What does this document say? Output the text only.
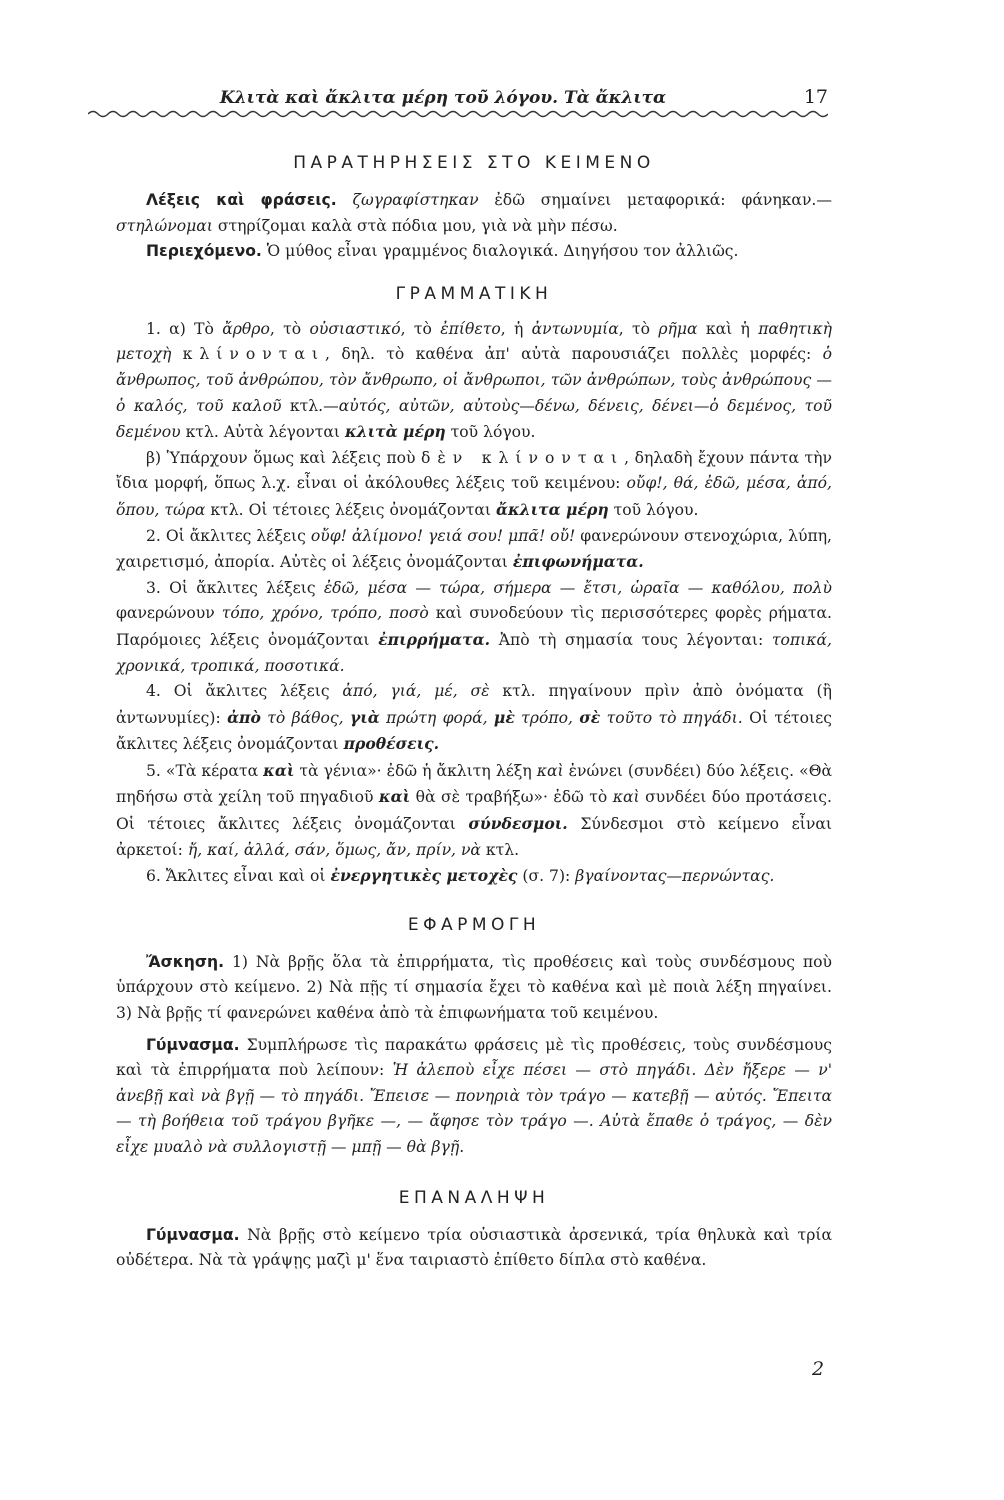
Κλιτὰ καὶ ἄκλιτα μέρη τοῦ λόγου. Τὰ ἄκλιτα	17
ΠΑΡΑΤΗΡΗΣΕΙΣ ΣΤΟ ΚΕΙΜΕΝΟ

Λέξεις καὶ φράσεις. ζωγραφίστηκαν ἐδῶ σημαίνει μεταφορικά: φάνηκαν.—στηλώνομαι στηρίζομαι καλὰ στὰ πόδια μου, γιὰ νὰ μὴν πέσω.

Περιεχόμενο. Ὁ μύθος εἶναι γραμμένος διαλογικά. Διηγήσου τον ἀλλιῶς.

ΓΡΑΜΜΑΤΙΚΗ

1. α) Τὸ ἄρθρο, τὸ οὐσιαστικό, τὸ ἐπίθετο, ἡ ἀντωνυμία, τὸ ρῆμα καὶ ἡ παθητικὴ μετοχὴ κλίνονται, δηλ. τὸ καθένα ἀπ' αὐτὰ παρουσιάζει πολλὲς μορφές: ὁ ἄνθρωπος, τοῦ ἀνθρώπου, τὸν ἄνθρωπο, οἱ ἄνθρωποι, τῶν ἀνθρώπων, τοὺς ἀνθρώπους — ὁ καλός, τοῦ καλοῦ κτλ.—αὐτός, αὐτῶν, αὐτοὺς—δένω, δένεις, δένει—ὁ δεμένος, τοῦ δεμένου κτλ. Αὐτὰ λέγονται κλιτὰ μέρη τοῦ λόγου.

β) Ὑπάρχουν ὅμως καὶ λέξεις ποὺ δὲν κλίνονται, δηλαδὴ ἔχουν πάντα τὴν ἴδια μορφή, ὅπως λ.χ. εἶναι οἱ ἀκόλουθες λέξεις τοῦ κειμένου: οὔφ!, θά, ἐδῶ, μέσα, ἀπό, ὅπου, τώρα κτλ. Οἱ τέτοιες λέξεις ὀνομάζονται ἄκλιτα μέρη τοῦ λόγου.

2. Οἱ ἄκλιτες λέξεις οὔφ! ἀλίμονο! γειά σου! μπᾶ! οὔ! φανερώνουν στενοχώρια, λύπη, χαιρετισμό, ἀπορία. Αὐτὲς οἱ λέξεις ὀνομάζονται ἐπιφωνήματα.

3. Οἱ ἄκλιτες λέξεις ἐδῶ, μέσα — τώρα, σήμερα — ἔτσι, ὡραῖα — καθόλου, πολὺ φανερώνουν τόπο, χρόνο, τρόπο, ποσὸ καὶ συνοδεύουν τὶς περισσότερες φορὲς ρήματα. Παρόμοιες λέξεις ὀνομάζονται ἐπιρρήματα. Ἀπὸ τὴ σημασία τους λέγονται: τοπικά, χρονικά, τροπικά, ποσοτικά.

4. Οἱ ἄκλιτες λέξεις ἀπό, γιά, μέ, σὲ κτλ. πηγαίνουν πρὶν ἀπὸ ὀνόματα (ἢ ἀντωνυμίες): ἀπὸ τὸ βάθος, γιὰ πρώτη φορά, μὲ τρόπο, σὲ τοῦτο τὸ πηγάδι. Οἱ τέτοιες ἄκλιτες λέξεις ὀνομάζονται προθέσεις.

5. «Τὰ κέρατα καὶ τὰ γένια»· ἐδῶ ἡ ἄκλιτη λέξη καὶ ἑνώνει (συνδέει) δύο λέξεις. «Θὰ πηδήσω στὰ χείλη τοῦ πηγαδιοῦ καὶ θὰ σὲ τραβήξω»· ἐδῶ τὸ καὶ συνδέει δύο προτάσεις. Οἱ τέτοιες ἄκλιτες λέξεις ὀνομάζονται σύνδεσμοι. Σύνδεσμοι στὸ κείμενο εἶναι ἀρκετοί: ἤ, καί, ἀλλά, σάν, ὅμως, ἄν, πρίν, νὰ κτλ.

6. Ἄκλιτες εἶναι καὶ οἱ ἐνεργητικὲς μετοχὲς (σ. 7): βγαίνοντας—περνώντας.

ΕΦΑΡΜΟΓΗ

Ἄσκηση. 1) Νὰ βρῇς ὅλα τὰ ἐπιρρήματα, τὶς προθέσεις καὶ τοὺς συνδέσμους ποὺ ὑπάρχουν στὸ κείμενο. 2) Νὰ πῇς τί σημασία ἔχει τὸ καθένα καὶ μὲ ποιὰ λέξη πηγαίνει. 3) Νὰ βρῇς τί φανερώνει καθένα ἀπὸ τὰ ἐπιφωνήματα τοῦ κειμένου.

Γύμνασμα. Συμπλήρωσε τὶς παρακάτω φράσεις μὲ τὶς προθέσεις, τοὺς συνδέσμους καὶ τὰ ἐπιρρήματα ποὺ λείπουν: Ἡ ἀλεποὺ εἶχε πέσει — στὸ πηγάδι. Δὲν ἤξερε — ν' ἀνεβῇ καὶ νὰ βγῇ — τὸ πηγάδι. Ἔπεισε — πονηριὰ τὸν τράγο — κατεβῇ — αὐτός. Ἔπειτα — τὴ βοήθεια τοῦ τράγου βγῆκε —, — ἄφησε τὸν τράγο —. Αὐτὰ ἔπαθε ὁ τράγος, — δὲν εἶχε μυαλὸ νὰ συλλογιστῇ — μπῇ — θὰ βγῇ.

ΕΠΑΝΑΛΗΨΗ

Γύμνασμα. Νὰ βρῇς στὸ κείμενο τρία οὐσιαστικὰ ἀρσενικά, τρία θηλυκὰ καὶ τρία οὐδέτερα. Νὰ τὰ γράψῃς μαζὶ μ' ἕνα ταιριαστὸ ἐπίθετο δίπλα στὸ καθένα.

2
